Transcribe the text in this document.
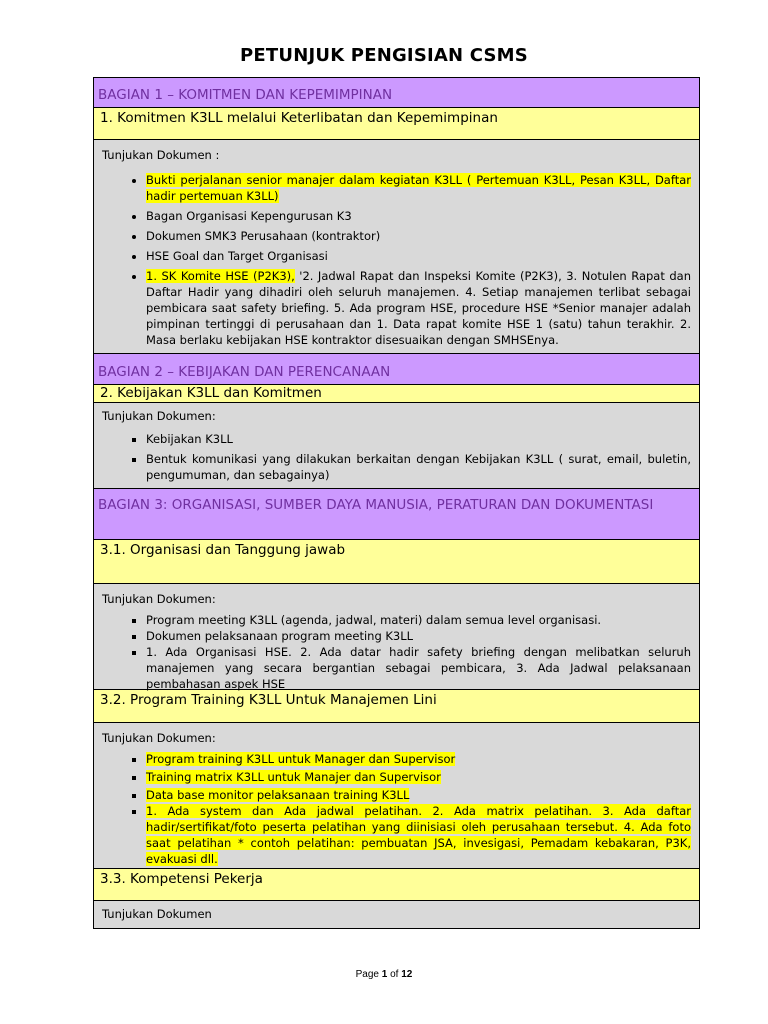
PETUNJUK PENGISIAN CSMS
BAGIAN 1 – KOMITMEN DAN KEPEMIMPINAN
1. Komitmen K3LL melalui Keterlibatan dan Kepemimpinan
Tunjukan Dokumen :
• Bukti perjalanan senior manajer dalam kegiatan K3LL ( Pertemuan K3LL, Pesan K3LL, Daftar hadir pertemuan K3LL)
• Bagan Organisasi Kepengurusan K3
• Dokumen SMK3 Perusahaan (kontraktor)
• HSE Goal dan Target Organisasi
• 1. SK Komite HSE (P2K3), '2. Jadwal Rapat dan Inspeksi Komite (P2K3), 3. Notulen Rapat dan Daftar Hadir yang dihadiri oleh seluruh manajemen. 4. Setiap manajemen terlibat sebagai pembicara saat safety briefing. 5. Ada program HSE, procedure HSE *Senior manajer adalah pimpinan tertinggi di perusahaan dan 1. Data rapat komite HSE 1 (satu) tahun terakhir. 2. Masa berlaku kebijakan HSE kontraktor disesuaikan dengan SMHSEnya.
BAGIAN 2 – KEBIJAKAN DAN PERENCANAAN
2. Kebijakan K3LL dan Komitmen
Tunjukan Dokumen:
▪ Kebijakan K3LL
▪ Bentuk komunikasi yang dilakukan berkaitan dengan Kebijakan K3LL ( surat, email, buletin, pengumuman, dan sebagainya)
BAGIAN 3: ORGANISASI, SUMBER DAYA MANUSIA, PERATURAN DAN DOKUMENTASI
3.1. Organisasi dan Tanggung jawab
Tunjukan Dokumen:
▪ Program meeting K3LL (agenda, jadwal, materi) dalam semua level organisasi.
▪ Dokumen pelaksanaan program meeting K3LL
▪ 1. Ada Organisasi HSE. 2. Ada datar hadir safety briefing dengan melibatkan seluruh manajemen yang secara bergantian sebagai pembicara, 3. Ada Jadwal pelaksanaan pembahasan aspek HSE
3.2. Program Training K3LL Untuk Manajemen Lini
Tunjukan Dokumen:
▪ Program training K3LL untuk Manager dan Supervisor
▪ Training matrix K3LL untuk Manajer dan Supervisor
▪ Data base monitor pelaksanaan training K3LL
▪ 1. Ada system dan Ada jadwal pelatihan. 2. Ada matrix pelatihan. 3. Ada daftar hadir/sertifikat/foto peserta pelatihan yang diinisiasi oleh perusahaan tersebut. 4. Ada foto saat pelatihan * contoh pelatihan: pembuatan JSA, invesigasi, Pemadam kebakaran, P3K, evakuasi dll.
3.3. Kompetensi Pekerja
Tunjukan Dokumen
Page 1 of 12
